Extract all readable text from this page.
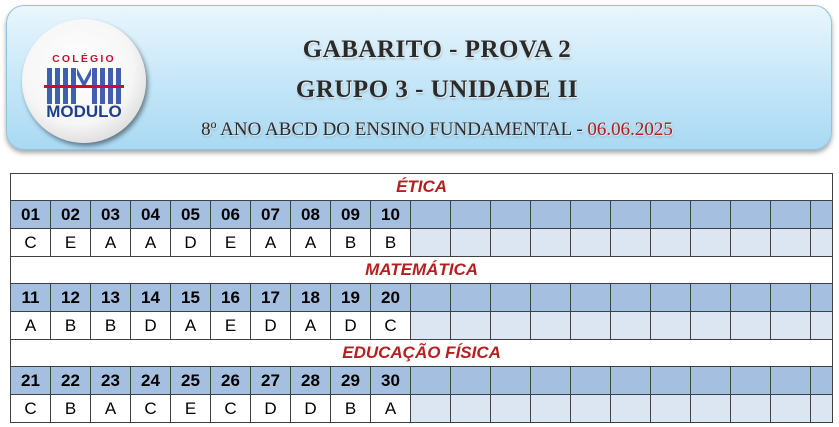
COLÉGIO
MODULO
GABARITO - PROVA 2
GRUPO 3 - UNIDADE II
8º ANO ABCD DO ENSINO FUNDAMENTAL - 06.06.2025
ÉTICA																				
01	02	03	04	05	06	07	08	09	10											
C	E	A	A	D	E	A	A	B	B											
MATEMÁTICA																				
11	12	13	14	15	16	17	18	19	20											
A	B	B	D	A	E	D	A	D	C											
EDUCAÇÃO FÍSICA																				
21	22	23	24	25	26	27	28	29	30											
C	B	A	C	E	C	D	D	B	A											
